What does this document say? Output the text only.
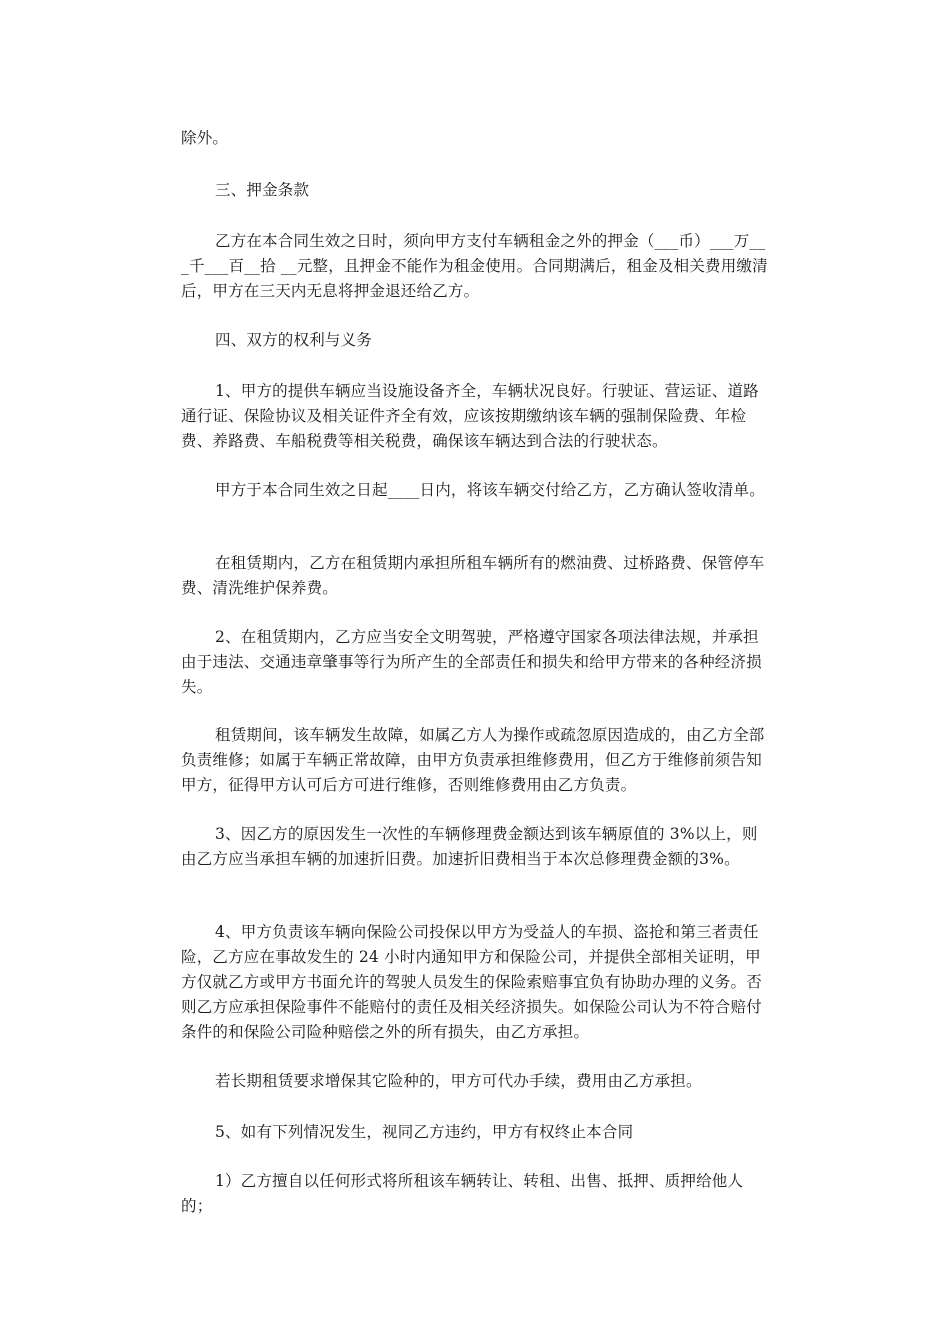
除外。
三、押金条款
乙方在本合同生效之日时，须向甲方支付车辆租金之外的押金（___币）___万___千___百__拾 __元整，且押金不能作为租金使用。合同期满后，租金及相关费用缴清后，甲方在三天内无息将押金退还给乙方。
四、双方的权利与义务
1、甲方的提供车辆应当设施设备齐全，车辆状况良好。行驶证、营运证、道路通行证、保险协议及相关证件齐全有效，应该按期缴纳该车辆的强制保险费、年检费、养路费、车船税费等相关税费，确保该车辆达到合法的行驶状态。
甲方于本合同生效之日起____日内，将该车辆交付给乙方，乙方确认签收清单。
在租赁期内，乙方在租赁期内承担所租车辆所有的燃油费、过桥路费、保管停车费、清洗维护保养费。
2、在租赁期内，乙方应当安全文明驾驶，严格遵守国家各项法律法规，并承担由于违法、交通违章肇事等行为所产生的全部责任和损失和给甲方带来的各种经济损失。
租赁期间，该车辆发生故障，如属乙方人为操作或疏忽原因造成的，由乙方全部负责维修；如属于车辆正常故障，由甲方负责承担维修费用，但乙方于维修前须告知甲方，征得甲方认可后方可进行维修，否则维修费用由乙方负责。
3、因乙方的原因发生一次性的车辆修理费金额达到该车辆原值的 3%以上，则由乙方应当承担车辆的加速折旧费。加速折旧费相当于本次总修理费金额的3%。
4、甲方负责该车辆向保险公司投保以甲方为受益人的车损、盗抢和第三者责任险，乙方应在事故发生的 24 小时内通知甲方和保险公司，并提供全部相关证明，甲方仅就乙方或甲方书面允许的驾驶人员发生的保险索赔事宜负有协助办理的义务。否则乙方应承担保险事件不能赔付的责任及相关经济损失。如保险公司认为不符合赔付条件的和保险公司险种赔偿之外的所有损失，由乙方承担。
若长期租赁要求增保其它险种的，甲方可代办手续，费用由乙方承担。
5、如有下列情况发生，视同乙方违约，甲方有权终止本合同
1）乙方擅自以任何形式将所租该车辆转让、转租、出售、抵押、质押给他人的；
